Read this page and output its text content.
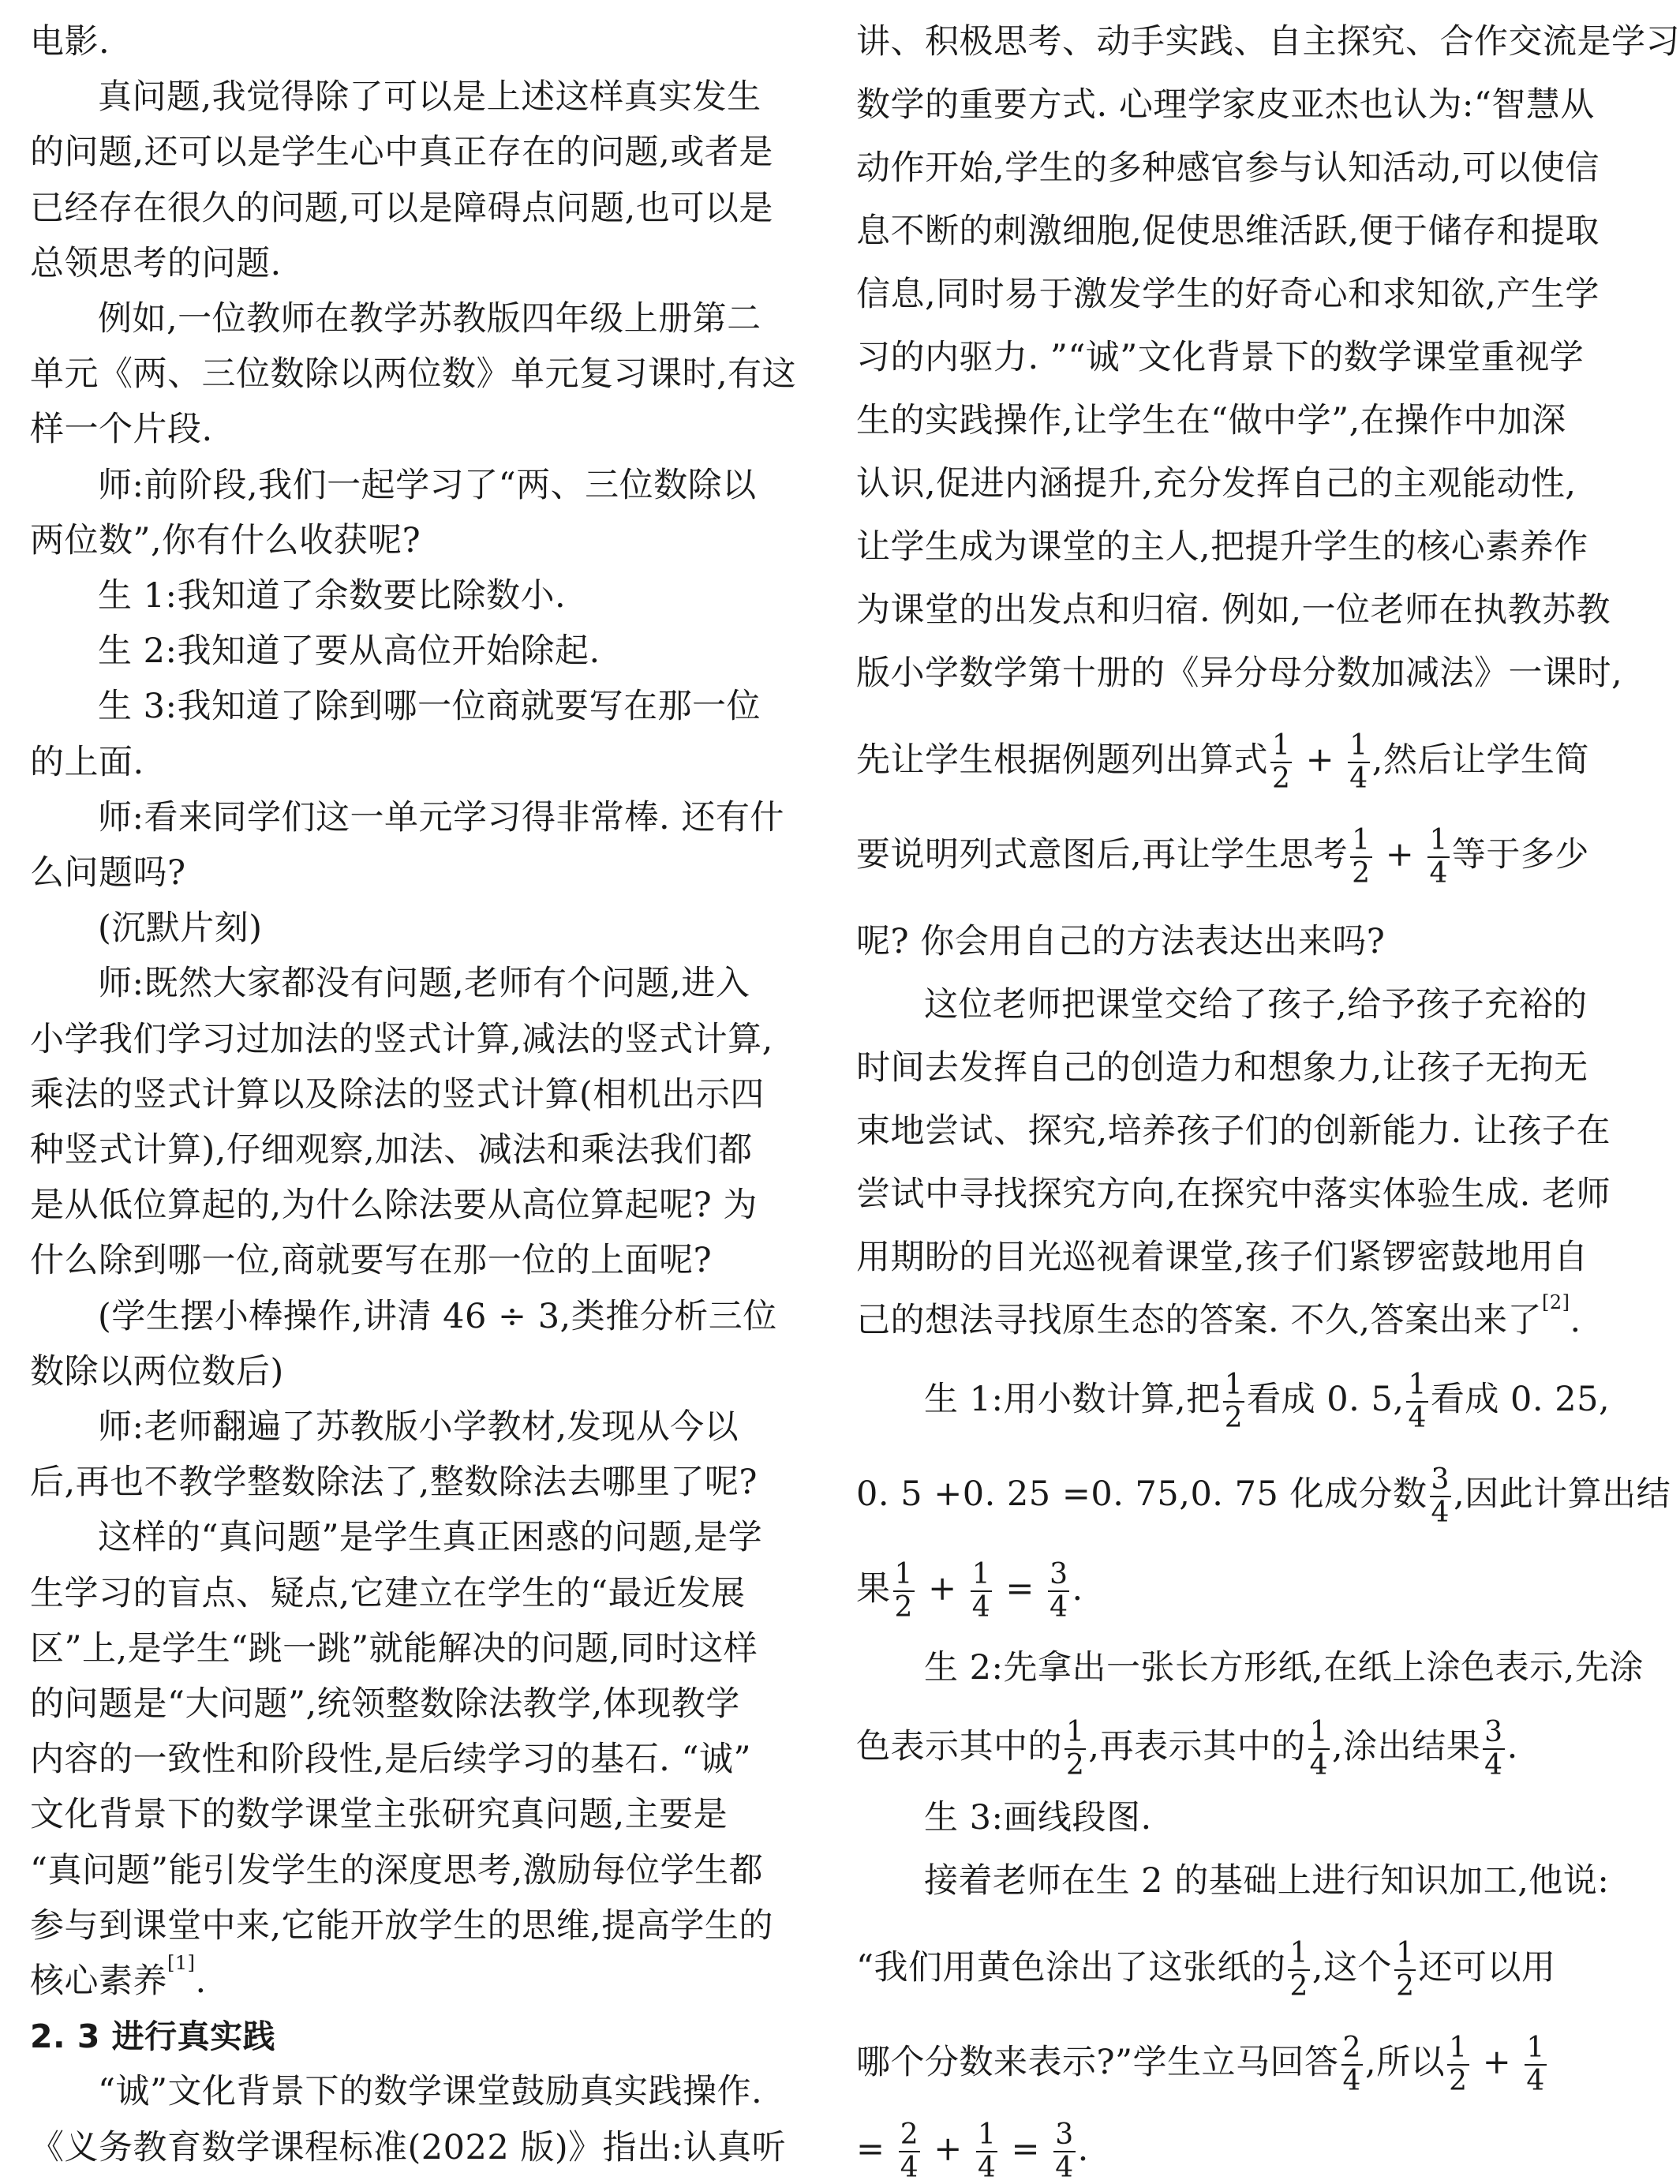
电影.
真问题,我觉得除了可以是上述这样真实发生
的问题,还可以是学生心中真正存在的问题,或者是
已经存在很久的问题,可以是障碍点问题,也可以是
总领思考的问题.
例如,一位教师在教学苏教版四年级上册第二
单元《两、三位数除以两位数》单元复习课时,有这
样一个片段.
师:前阶段,我们一起学习了“两、三位数除以
两位数”,你有什么收获呢?
生 1:我知道了余数要比除数小.
生 2:我知道了要从高位开始除起.
生 3:我知道了除到哪一位商就要写在那一位
的上面.
师:看来同学们这一单元学习得非常棒. 还有什
么问题吗?
(沉默片刻)
师:既然大家都没有问题,老师有个问题,进入
小学我们学习过加法的竖式计算,减法的竖式计算,
乘法的竖式计算以及除法的竖式计算(相机出示四
种竖式计算),仔细观察,加法、减法和乘法我们都
是从低位算起的,为什么除法要从高位算起呢? 为
什么除到哪一位,商就要写在那一位的上面呢?
(学生摆小棒操作,讲清 46 ÷ 3,类推分析三位
数除以两位数后)
师:老师翻遍了苏教版小学教材,发现从今以
后,再也不教学整数除法了,整数除法去哪里了呢?
这样的“真问题”是学生真正困惑的问题,是学
生学习的盲点、疑点,它建立在学生的“最近发展
区”上,是学生“跳一跳”就能解决的问题,同时这样
的问题是“大问题”,统领整数除法教学,体现教学
内容的一致性和阶段性,是后续学习的基石. “诚”
文化背景下的数学课堂主张研究真问题,主要是
“真问题”能引发学生的深度思考,激励每位学生都
参与到课堂中来,它能开放学生的思维,提高学生的
核心素养[1].
2. 3 进行真实践
“诚”文化背景下的数学课堂鼓励真实践操作.
《义务教育数学课程标准(2022 版)》指出:认真听
讲、积极思考、动手实践、自主探究、合作交流是学习
数学的重要方式. 心理学家皮亚杰也认为:“智慧从
动作开始,学生的多种感官参与认知活动,可以使信
息不断的刺激细胞,促使思维活跃,便于储存和提取
信息,同时易于激发学生的好奇心和求知欲,产生学
习的内驱力. ”“诚”文化背景下的数学课堂重视学
生的实践操作,让学生在“做中学”,在操作中加深
认识,促进内涵提升,充分发挥自己的主观能动性,
让学生成为课堂的主人,把提升学生的核心素养作
为课堂的出发点和归宿. 例如,一位老师在执教苏教
版小学数学第十册的《异分母分数加减法》一课时,
先让学生根据例题列出算式 $\frac{1}{2} + \frac{1}{4}$ ,然后让学生简
要说明列式意图后,再让学生思考 $\frac{1}{2} + \frac{1}{4}$ 等于多少
呢? 你会用自己的方法表达出来吗?
这位老师把课堂交给了孩子,给予孩子充裕的
时间去发挥自己的创造力和想象力,让孩子无拘无
束地尝试、探究,培养孩子们的创新能力. 让孩子在
尝试中寻找探究方向,在探究中落实体验生成. 老师
用期盼的目光巡视着课堂,孩子们紧锣密鼓地用自
己的想法寻找原生态的答案. 不久,答案出来了[2].
生 1:用小数计算,把 $\frac{1}{2}$ 看成 0. 5, $\frac{1}{4}$ 看成 0. 25,
0. 5 +0. 25 =0. 75,0. 75 化成分数 $\frac{3}{4}$ ,因此计算出结
果 $\frac{1}{2} + \frac{1}{4} = \frac{3}{4}$ .
生 2:先拿出一张长方形纸,在纸上涂色表示,先涂
色表示其中的 $\frac{1}{2}$ ,再表示其中的 $\frac{1}{4}$ ,涂出结果 $\frac{3}{4}$ .
生 3:画线段图.
接着老师在生 2 的基础上进行知识加工,他说:
“我们用黄色涂出了这张纸的 $\frac{1}{2}$ ,这个 $\frac{1}{2}$ 还可以用
哪个分数来表示?”学生立马回答 $\frac{2}{4}$ ,所以 $\frac{1}{2} + \frac{1}{4}$
= $\frac{2}{4} + \frac{1}{4} = \frac{3}{4}$ .
